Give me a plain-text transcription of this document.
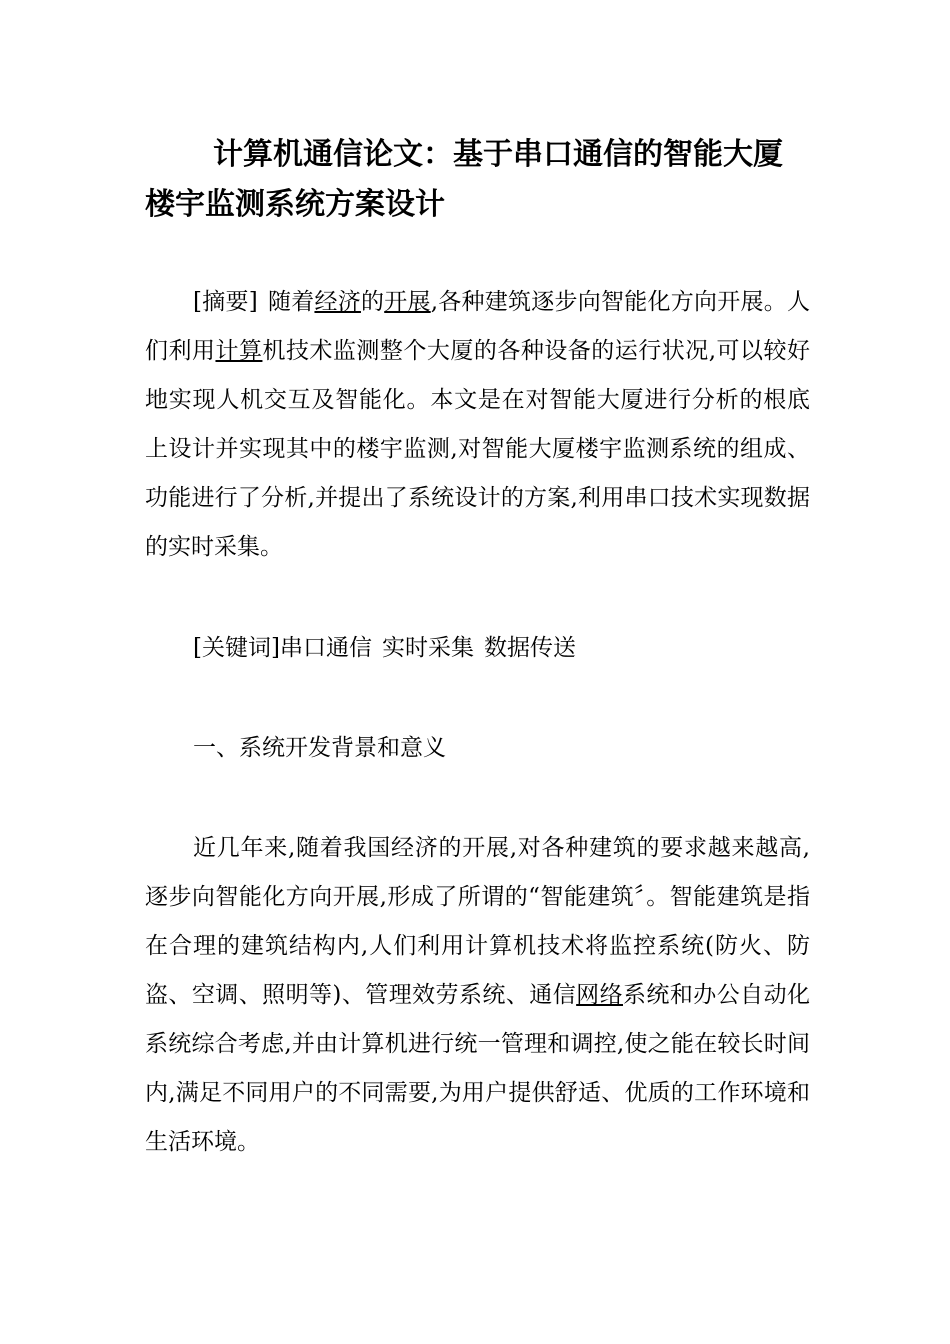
计算机通信论文：基于串口通信的智能大厦楼宇监测系统方案设计

[摘要] 随着经济的开展,各种建筑逐步向智能化方向开展。人们利用计算机技术监测整个大厦的各种设备的运行状况,可以较好地实现人机交互及智能化。本文是在对智能大厦进行分析的根底上设计并实现其中的楼宇监测,对智能大厦楼宇监测系统的组成、功能进行了分析,并提出了系统设计的方案,利用串口技术实现数据的实时采集。

[关键词]串口通信 实时采集 数据传送

一、系统开发背景和意义

近几年来,随着我国经济的开展,对各种建筑的要求越来越高,逐步向智能化方向开展,形成了所谓的“智能建筑〞。智能建筑是指在合理的建筑结构内,人们利用计算机技术将监控系统(防火、防盗、空调、照明等)、管理效劳系统、通信网络系统和办公自动化系统综合考虑,并由计算机进行统一管理和调控,使之能在较长时间内,满足不同用户的不同需要,为用户提供舒适、优质的工作环境和生活环境。
